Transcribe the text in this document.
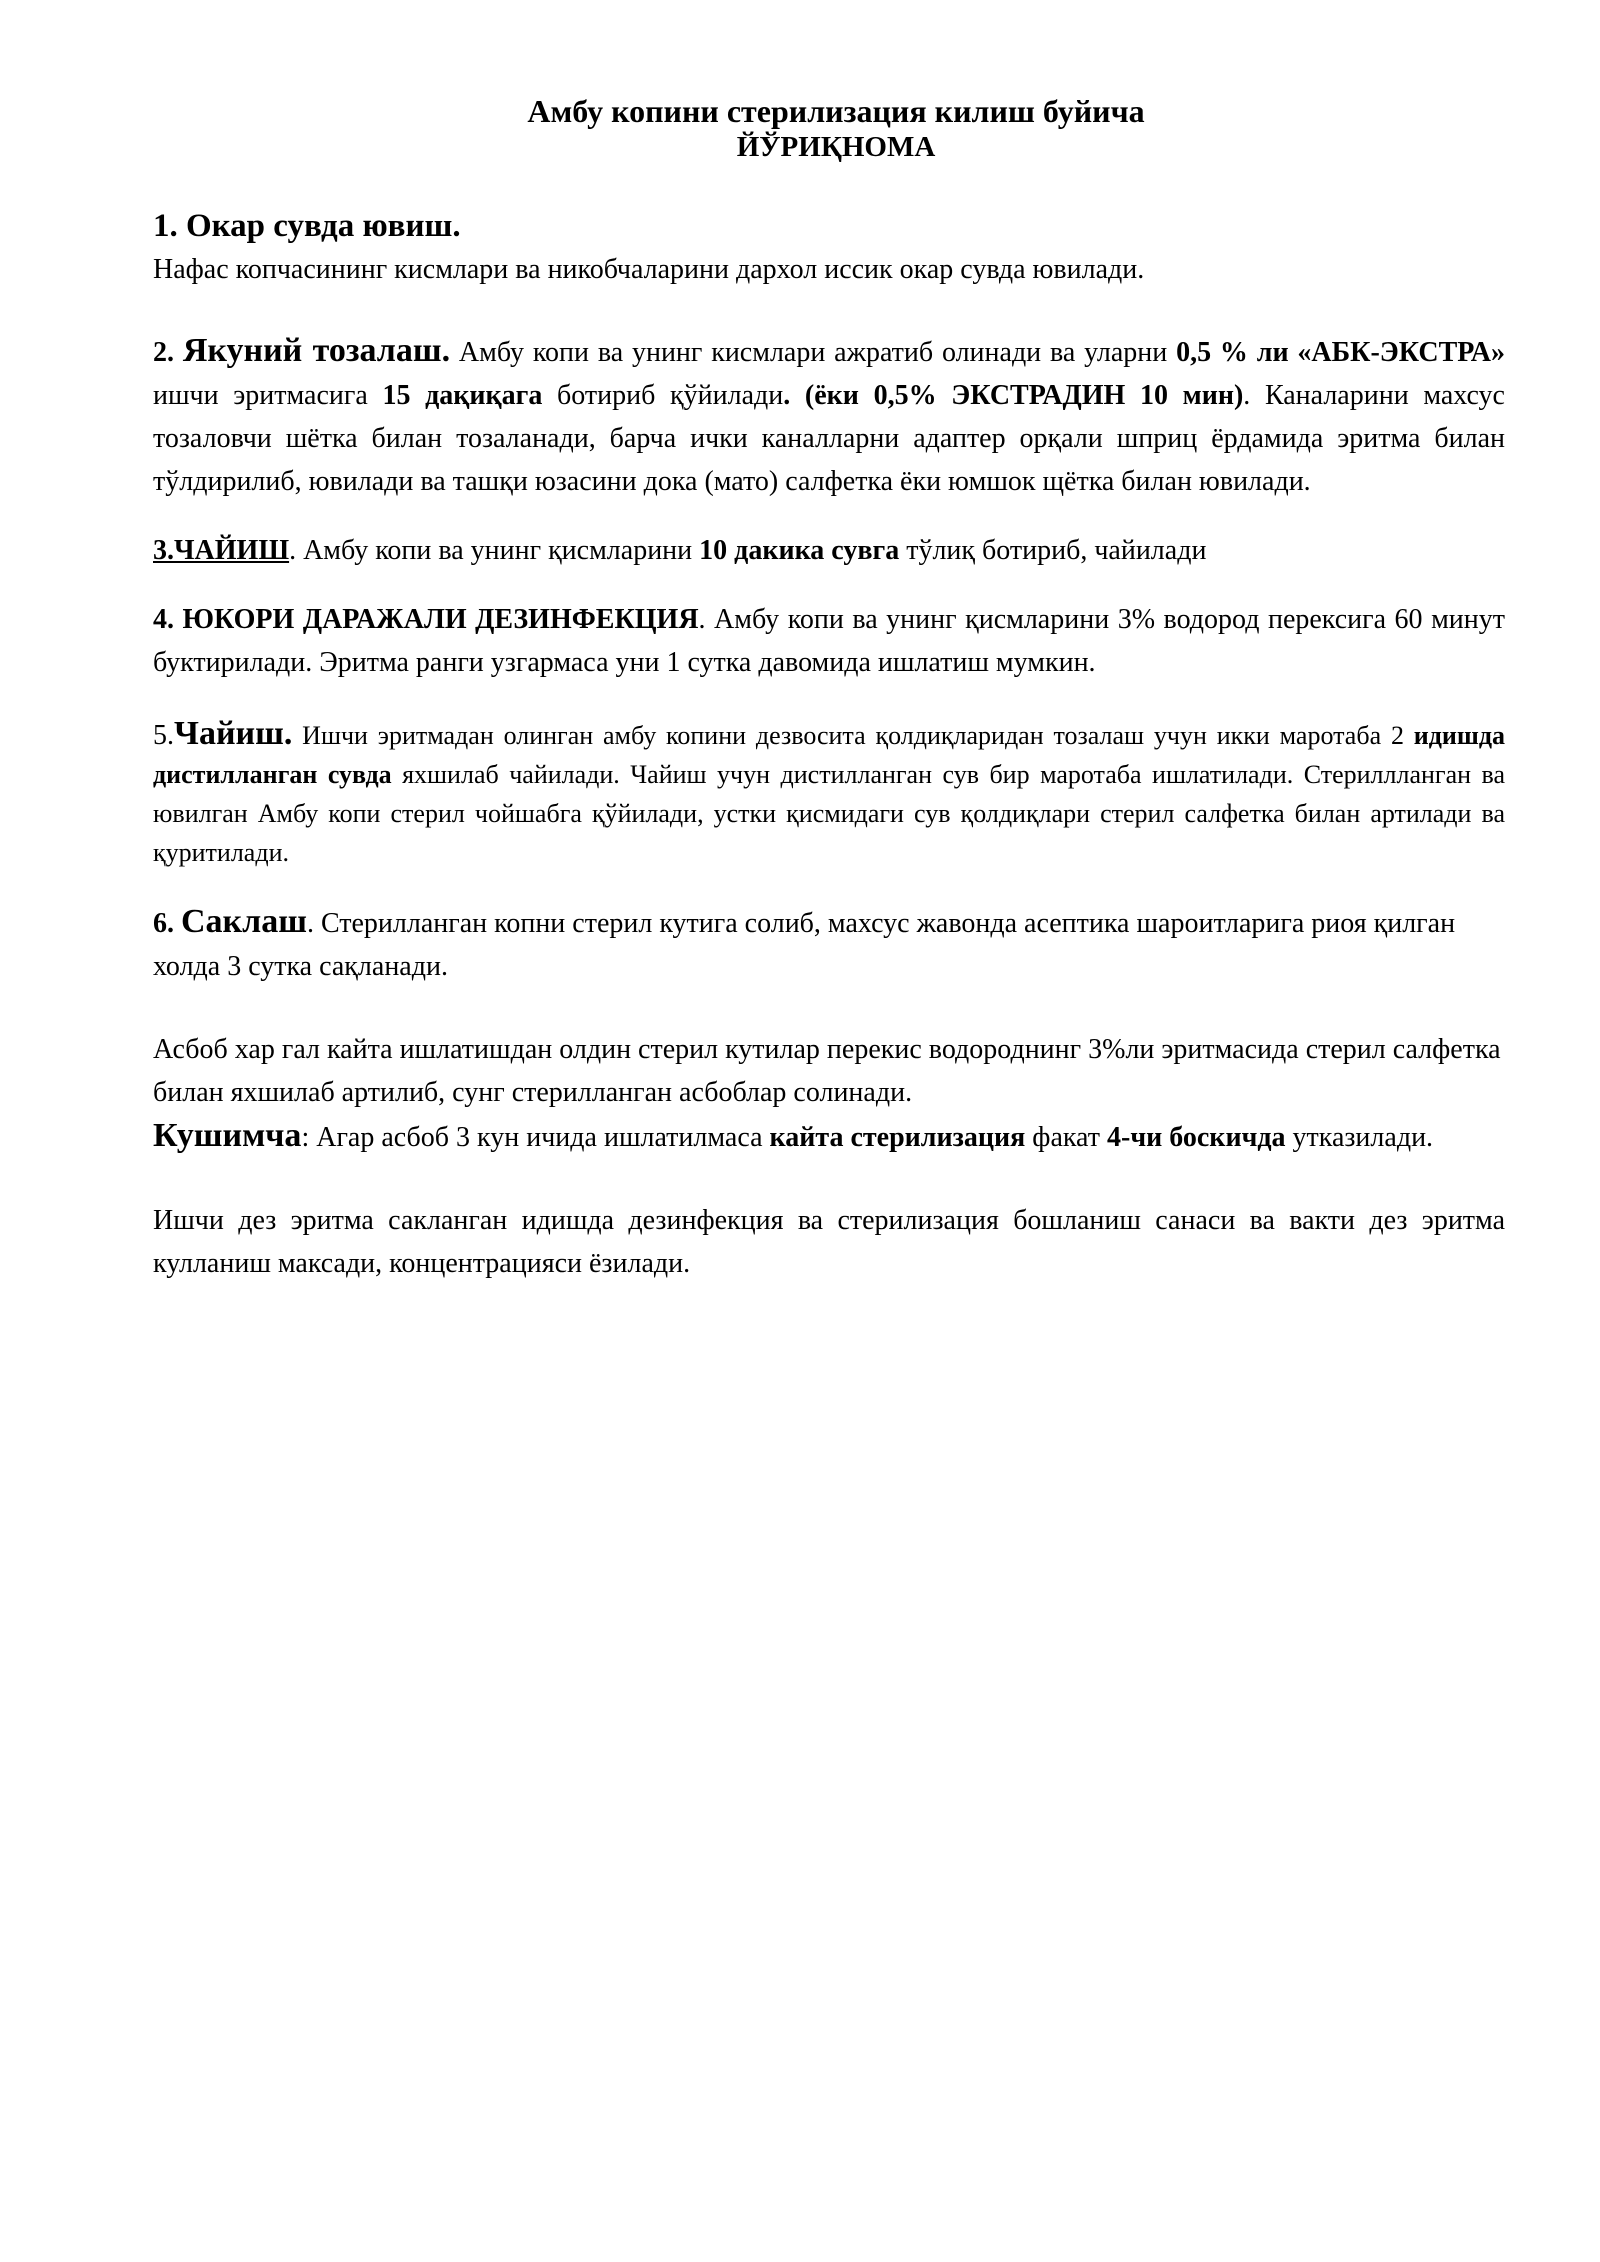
Амбу копини стерилизация килиш буйича

ЙЎРИҚНОМА

1. Окар сувда ювиш.

Нафас копчасининг кисмлари ва никобчаларини дархол иссик окар сувда ювилади.

2. Якуний тозалаш. Амбу копи ва унинг кисмлари ажратиб олинади ва уларни 0,5 % ли «АБК-ЭКСТРА» ишчи эритмасига 15 дақиқага ботириб қўйилади. (ёки 0,5% ЭКСТРАДИН 10 мин). Каналарини махсус тозаловчи шётка билан тозаланади, барча ички каналларни адаптер орқали шприц ёрдамида эритма билан тўлдирилиб, ювилади ва ташқи юзасини дока (мато) салфетка ёки юмшок щётка билан ювилади.

3.ЧАЙИШ. Амбу копи ва унинг қисмларини 10 дакика сувга тўлиқ ботириб, чайилади

4. ЮКОРИ ДАРАЖАЛИ ДЕЗИНФЕКЦИЯ. Амбу копи ва унинг қисмларини 3% водород перексига 60 минут буктирилади. Эритма ранги узгармаса уни 1 сутка давомида ишлатиш мумкин.

5.Чайиш. Ишчи эритмадан олинган амбу копини дезвосита қолдиқларидан тозалаш учун икки маротаба 2 идишда дистилланган сувда яхшилаб чайилади. Чайиш учун дистилланган сув бир маротаба ишлатилади. Стериллланган ва ювилган Амбу копи стерил чойшабга қўйилади, устки қисмидаги сув қолдиқлари стерил салфетка билан артилади ва қуритилади.

6. Саклаш. Стерилланган копни стерил кутига солиб, махсус жавонда асептика шароитларига риоя қилган холда 3 сутка сақланади.

Асбоб хар гал кайта ишлатишдан олдин стерил кутилар перекис водороднинг 3%ли эритмасида стерил салфетка билан яхшилаб артилиб, сунг стерилланган асбоблар солинади.

Кушимча: Агар асбоб 3 кун ичида ишлатилмаса кайта стерилизация факат 4-чи боскичда утказилади.

Ишчи дез эритма сакланган идишда дезинфекция ва стерилизация бошланиш санаси ва вакти дез эритма кулланиш максади, концентрацияси ёзилади.
